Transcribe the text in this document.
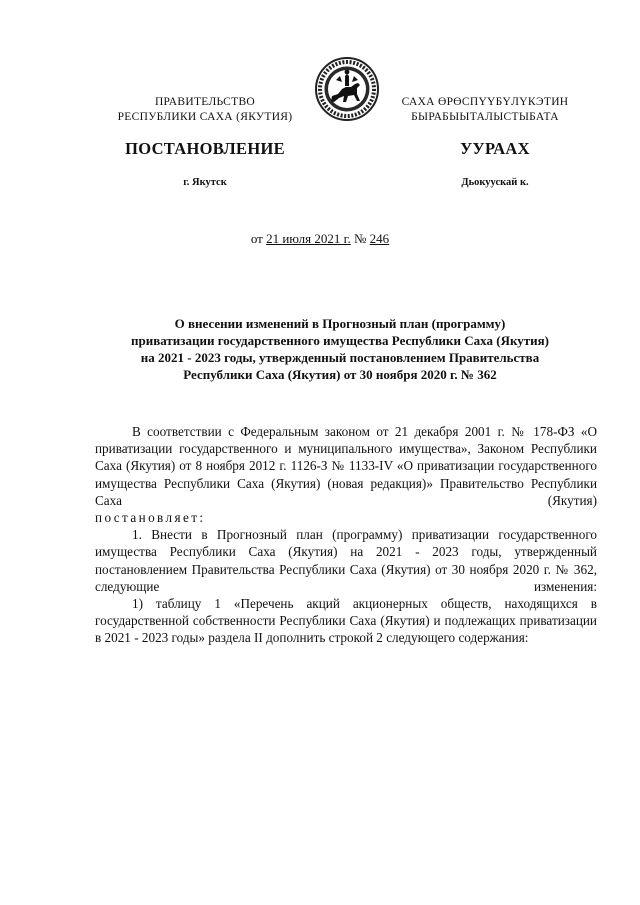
ПРАВИТЕЛЬСТВО
РЕСПУБЛИКИ САХА (ЯКУТИЯ)
САХА ӨРӨСПҮҮБҮЛҮКЭТИН
БЫРАБЫЫТАЛЫСТЫБАТА
ПОСТАНОВЛЕНИЕ	УУРААХ
г. Якутск	Дьокуускай к.
от 21 июля 2021 г. № 246
О внесении изменений в Прогнозный план (программу)
приватизации государственного имущества Республики Саха (Якутия)
на 2021 - 2023 годы, утвержденный постановлением Правительства
Республики Саха (Якутия) от 30 ноября 2020 г. № 362

В соответствии с Федеральным законом от 21 декабря 2001 г. № 178-ФЗ «О приватизации государственного и муниципального имущества», Законом Республики Саха (Якутия) от 8 ноября 2012 г. 1126-З № 1133-IV «О приватизации государственного имущества Республики Саха (Якутия) (новая редакция)» Правительство Республики Саха (Якутия)

постановляет:

1. Внести в Прогнозный план (программу) приватизации государственного имущества Республики Саха (Якутия) на 2021 - 2023 годы, утвержденный постановлением Правительства Республики Саха (Якутия) от 30 ноября 2020 г. № 362, следующие изменения:

1) таблицу 1 «Перечень акций акционерных обществ, находящихся в государственной собственности Республики Саха (Якутия) и подлежащих приватизации в 2021 - 2023 годы» раздела II дополнить строкой 2 следующего содержания:
